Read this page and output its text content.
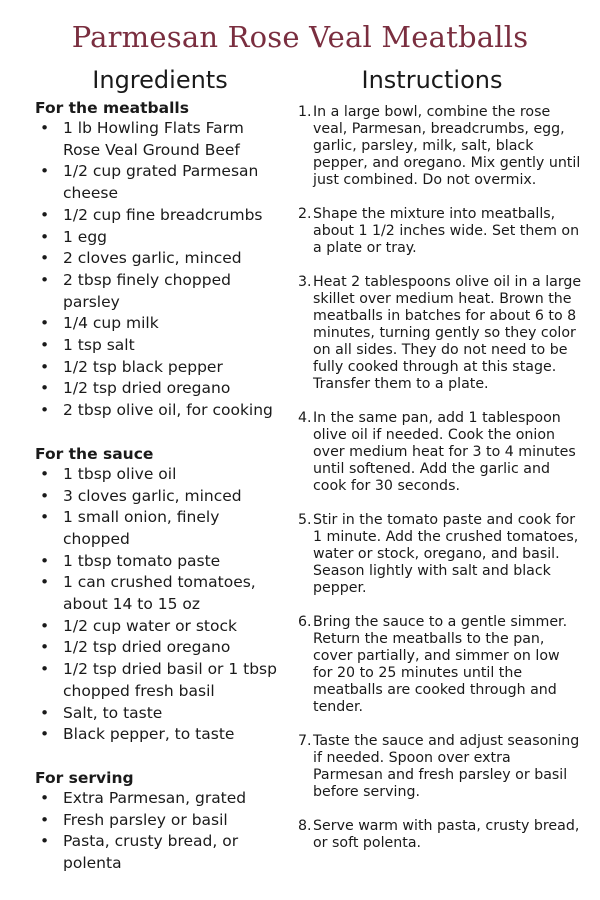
Parmesan Rose Veal Meatballs
Ingredients	Instructions

For the meatballs

• 1 lb Howling Flats Farm Rose Veal Ground Beef
• 1/2 cup grated Parmesan cheese
• 1/2 cup fine breadcrumbs
• 1 egg
• 2 cloves garlic, minced
• 2 tbsp finely chopped parsley
• 1/4 cup milk
• 1 tsp salt
• 1/2 tsp black pepper
• 1/2 tsp dried oregano
• 2 tbsp olive oil, for cooking

For the sauce

• 1 tbsp olive oil
• 3 cloves garlic, minced
• 1 small onion, finely chopped
• 1 tbsp tomato paste
• 1 can crushed tomatoes, about 14 to 15 oz
• 1/2 cup water or stock
• 1/2 tsp dried oregano
• 1/2 tsp dried basil or 1 tbsp chopped fresh basil
• Salt, to taste
• Black pepper, to taste

For serving

• Extra Parmesan, grated
• Fresh parsley or basil
• Pasta, crusty bread, or polenta
1. In a large bowl, combine the rose veal, Parmesan, breadcrumbs, egg, garlic, parsley, milk, salt, black pepper, and oregano. Mix gently until just combined. Do not overmix.
2. Shape the mixture into meatballs, about 1 1/2 inches wide. Set them on a plate or tray.
3. Heat 2 tablespoons olive oil in a large skillet over medium heat. Brown the meatballs in batches for about 6 to 8 minutes, turning gently so they color on all sides. They do not need to be fully cooked through at this stage. Transfer them to a plate.
4. In the same pan, add 1 tablespoon olive oil if needed. Cook the onion over medium heat for 3 to 4 minutes until softened. Add the garlic and cook for 30 seconds.
5. Stir in the tomato paste and cook for 1 minute. Add the crushed tomatoes, water or stock, oregano, and basil. Season lightly with salt and black pepper.
6. Bring the sauce to a gentle simmer. Return the meatballs to the pan, cover partially, and simmer on low for 20 to 25 minutes until the meatballs are cooked through and tender.
7. Taste the sauce and adjust seasoning if needed. Spoon over extra Parmesan and fresh parsley or basil before serving.
8. Serve warm with pasta, crusty bread, or soft polenta.
